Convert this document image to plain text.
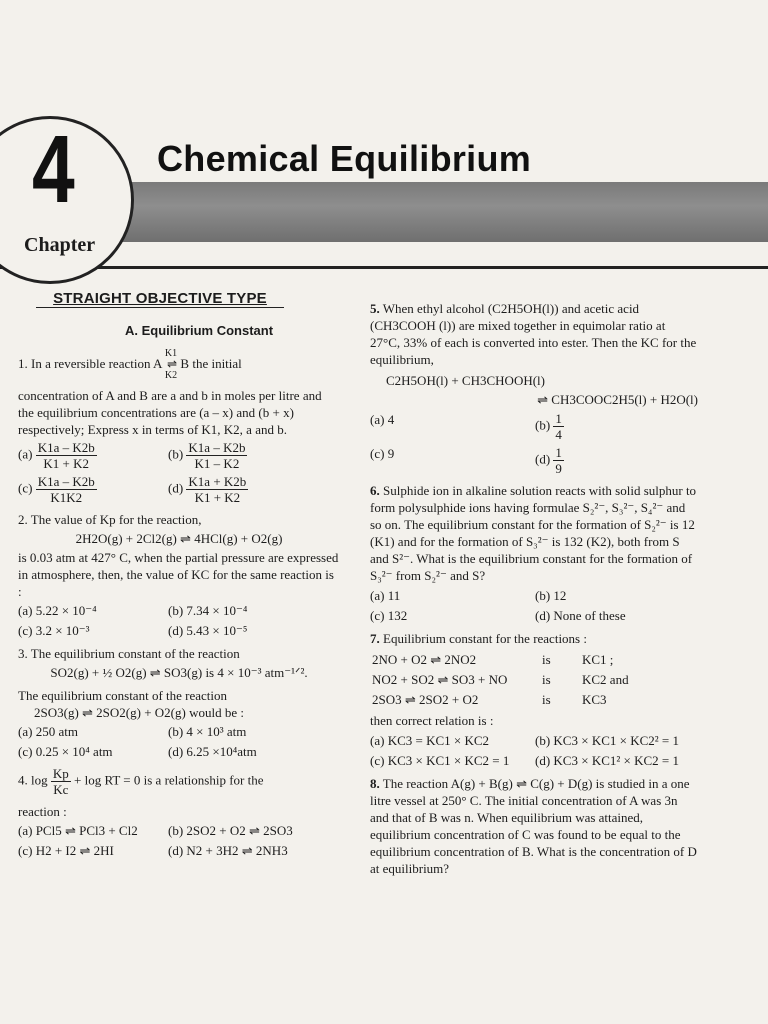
4
Chapter
Chemical Equilibrium
STRAIGHT OBJECTIVE TYPE
A. Equilibrium Constant
1. In a reversible reaction A K1
⇌
K2 B the initial
concentration of A and B are a and b in moles per litre and the equilibrium concentrations are (a – x) and (b + x) respectively; Express x in terms of K1, K2, a and b.
$(a) \frac{K1a - K2b}{K1 + K2}$	$(b) \frac{K1a - K2b}{K1 - K2}$
$(c) \frac{K1a - K2b}{K1K2}$	$(d) \frac{K1a + K2b}{K1 + K2}$
2. The value of Kp for the reaction,
2H2O(g) + 2Cl2(g) ⇌ 4HCl(g) + O2(g)
is 0.03 atm at 427° C, when the partial pressure are expressed in atmosphere, then, the value of KC for the same reaction is :
(a) 5.22 × 10⁻⁴	(b) 7.34 × 10⁻⁴
(c) 3.2 × 10⁻³	(d) 5.43 × 10⁻⁵
3. The equilibrium constant of the reaction
SO2(g) + ½ O2(g) ⇌ SO3(g) is 4 × 10⁻³ atm⁻¹ᐟ².
The equilibrium constant of the reaction
2SO3(g) ⇌ 2SO2(g) + O2(g) would be :
(a) 250 atm	(b) 4 × 10³ atm
(c) 0.25 × 10⁴ atm	(d) 6.25 ×10⁴atm
4. $\log \frac{Kp}{Kc} + \log$ RT = 0 is a relationship for the
reaction :
(a) PCl5 ⇌ PCl3 + Cl2	(b) 2SO2 + O2 ⇌ 2SO3
(c) H2 + I2 ⇌ 2HI	(d) N2 + 3H2 ⇌ 2NH3
5. When ethyl alcohol (C2H5OH(l)) and acetic acid (CH3COOH (l)) are mixed together in equimolar ratio at 27°C, 33% of each is converted into ester. Then the KC for the equilibrium,
C2H5OH(l) + CH3CHOOH(l)
⇌ CH3COOC2H5(l) + H2O(l)
(a) 4	$(b) \frac{1}{4}$
(c) 9	$(d) \frac{1}{9}$
6. Sulphide ion in alkaline solution reacts with solid sulphur to form polysulphide ions having formulae S₂²⁻, S₃²⁻, S₄²⁻ and so on. The equilibrium constant for the formation of S₂²⁻ is 12 (K1) and for the formation of S₃²⁻ is 132 (K2), both from S and S²⁻. What is the equilibrium constant for the formation of S₃²⁻ from S₂²⁻ and S?
(a) 11	(b) 12
(c) 132	(d) None of these
7. Equilibrium constant for the reactions :
2NO + O2 ⇌ 2NO2	is	KC1 ;
NO2 + SO2 ⇌ SO3 + NO	is	KC2 and
2SO3 ⇌ 2SO2 + O2	is	KC3
then correct relation is :
(a) KC3 = KC1 × KC2	(b) KC3 × KC1 × KC2² = 1
(c) KC3 × KC1 × KC2 = 1	(d) KC3 × KC1² × KC2 = 1
8. The reaction A(g) + B(g) ⇌ C(g) + D(g) is studied in a one litre vessel at 250° C. The initial concentration of A was 3n and that of B was n. When equilibrium was attained, equilibrium concentration of C was found to be equal to the equilibrium concentration of B. What is the concentration of D at equilibrium?
